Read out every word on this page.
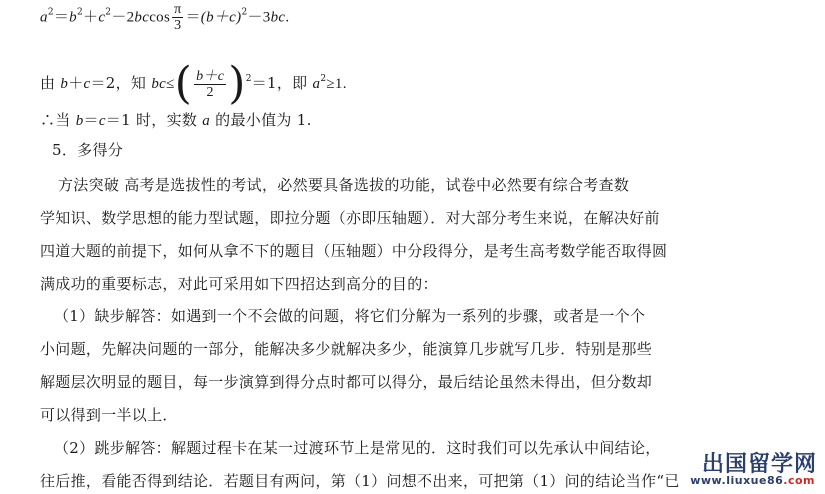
$a^2=b^2+c^2-2bccos \frac{\pi}{3} =(b+c)^2-3bc$.
由 b＋c＝2，知 $bc\le( \frac{b+c}{2} )^2=1$，即 $a^2\ge 1$.
∴当 b＝c＝1 时，实数 a 的最小值为 1.
5．多得分
方法突破 高考是选拔性的考试，必然要具备选拔的功能，试卷中必然要有综合考查数
学知识、数学思想的能力型试题，即拉分题（亦即压轴题）．对大部分考生来说，在解决好前
四道大题的前提下，如何从拿不下的题目（压轴题）中分段得分，是考生高考数学能否取得圆
满成功的重要标志，对此可采用如下四招达到高分的目的：
（1）缺步解答：如遇到一个不会做的问题，将它们分解为一系列的步骤，或者是一个个
小问题，先解决问题的一部分，能解决多少就解决多少，能演算几步就写几步．特别是那些
解题层次明显的题目，每一步演算到得分点时都可以得分，最后结论虽然未得出，但分数却
可以得到一半以上．
（2）跳步解答：解题过程卡在某一过渡环节上是常见的．这时我们可以先承认中间结论，
往后推，看能否得到结论．若题目有两问，第（1）问想不出来，可把第（1）问的结论当作“已
出国留学网
www.liuxue86.com
